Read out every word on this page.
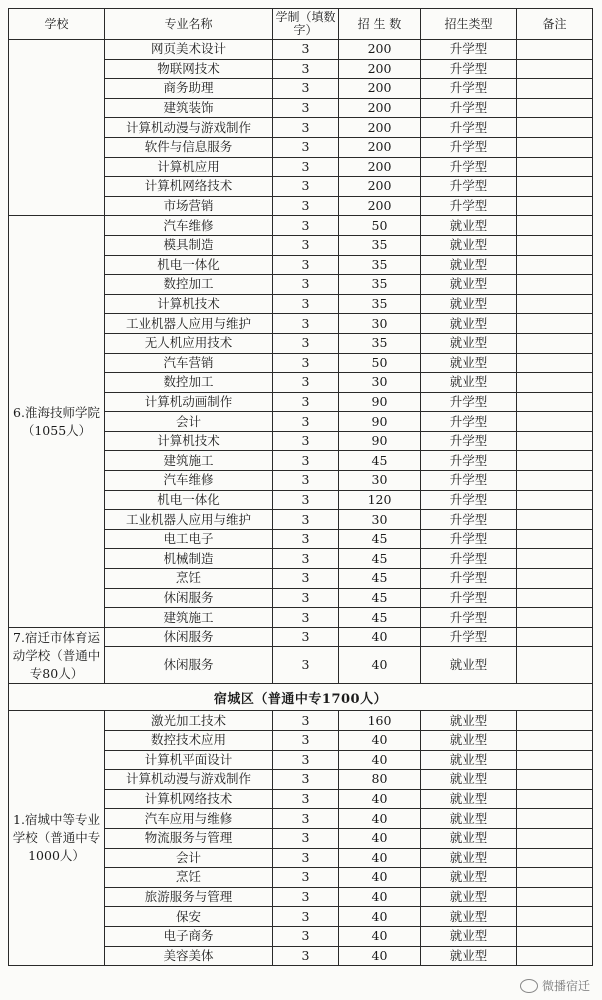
学校	专业名称	学制（填数字）	招 生 数	招生类型	备注
	网页美术设计	3	200	升学型	
	物联网技术	3	200	升学型	
	商务助理	3	200	升学型	
	建筑装饰	3	200	升学型	
	计算机动漫与游戏制作	3	200	升学型	
	软件与信息服务	3	200	升学型	
	计算机应用	3	200	升学型	
	计算机网络技术	3	200	升学型	
	市场营销	3	200	升学型	
6.淮海技师学院（1055人）	汽车维修	3	50	就业型	
	模具制造	3	35	就业型	
	机电一体化	3	35	就业型	
	数控加工	3	35	就业型	
	计算机技术	3	35	就业型	
	工业机器人应用与维护	3	30	就业型	
	无人机应用技术	3	35	就业型	
	汽车营销	3	50	就业型	
	数控加工	3	30	就业型	
	计算机动画制作	3	90	升学型	
	会计	3	90	升学型	
	计算机技术	3	90	升学型	
	建筑施工	3	45	升学型	
	汽车维修	3	30	升学型	
	机电一体化	3	120	升学型	
	工业机器人应用与维护	3	30	升学型	
	电工电子	3	45	升学型	
	机械制造	3	45	升学型	
	烹饪	3	45	升学型	
	休闲服务	3	45	升学型	
	建筑施工	3	45	升学型	
7.宿迁市体育运动学校（普通中专80人）	休闲服务	3	40	升学型	
	休闲服务	3	40	就业型	
宿城区（普通中专1700人）					
1.宿城中等专业学校（普通中专1000人）	激光加工技术	3	160	就业型	
	数控技术应用	3	40	就业型	
	计算机平面设计	3	40	就业型	
	计算机动漫与游戏制作	3	80	就业型	
	计算机网络技术	3	40	就业型	
	汽车应用与维修	3	40	就业型	
	物流服务与管理	3	40	就业型	
	会计	3	40	就业型	
	烹饪	3	40	就业型	
	旅游服务与管理	3	40	就业型	
	保安	3	40	就业型	
	电子商务	3	40	就业型	
	美容美体	3	40	就业型	
微播宿迁
